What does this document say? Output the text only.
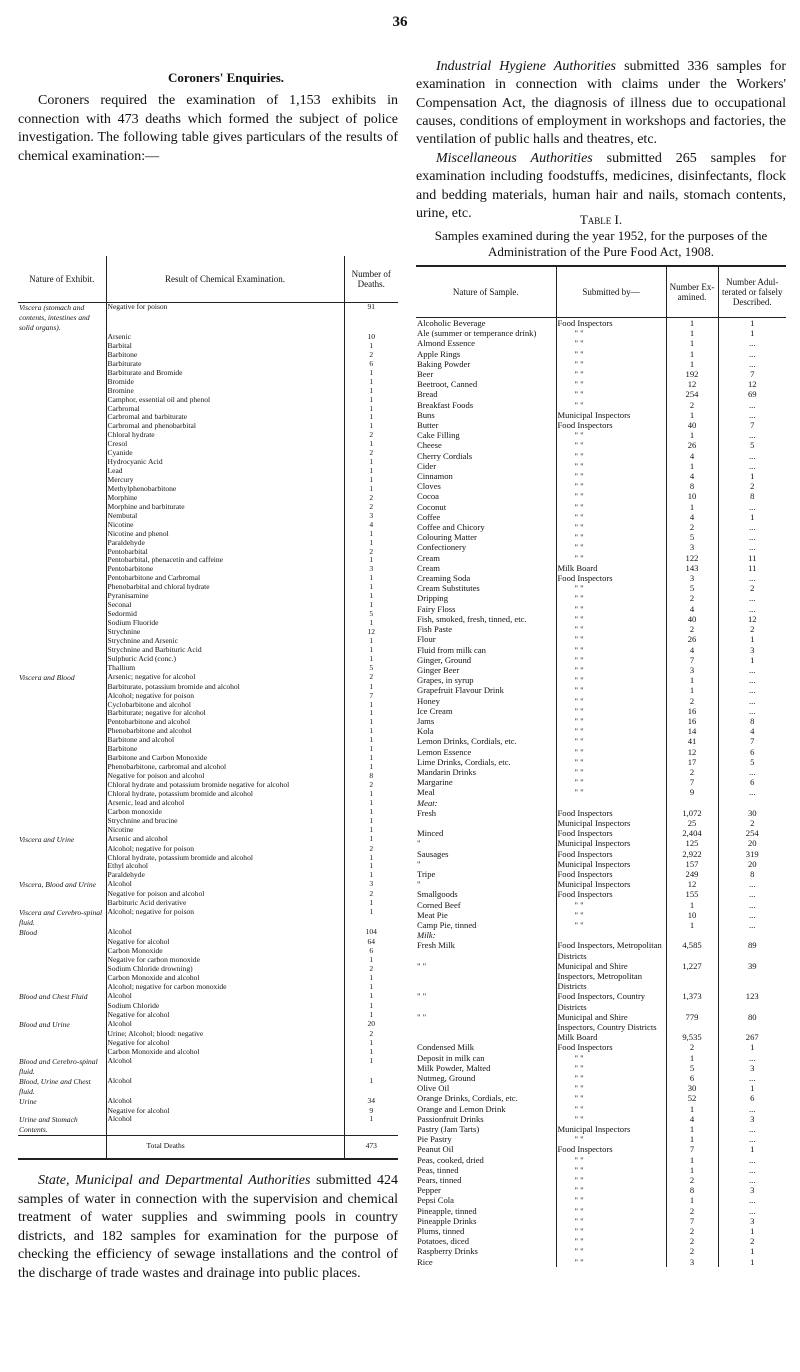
36
Coroners' Enquiries.

Coroners required the examination of 1,153 exhibits in connection with 473 deaths which formed the subject of police investigation. The following table gives particulars of the results of chemical examination:—

Nature of Exhibit.	Result of Chemical Examination.	Number of Deaths.
Viscera (stomach and contents, intestines and solid organs).	Negative for poison	91
	Arsenic	10
	Barbital	1
	Barbitone	2
	Barbiturate	6
	Barbiturate and Bromide	1
	Bromide	1
	Bromine	1
	Camphor, essential oil and phenol	1
	Carbromal	1
	Carbromal and barbiturate	1
	Carbromal and phenobarbital	1
	Chloral hydrate	2
	Cresol	1
	Cyanide	2
	Hydrocyanic Acid	1
	Lead	1
	Mercury	1
	Methylphenobarbitone	1
	Morphine	2
	Morphine and barbiturate	2
	Nembutal	3
	Nicotine	4
	Nicotine and phenol	1
	Paraldehyde	1
	Pentobarbital	2
	Pentobarbital, phenacetin and caffeine	1
	Pentobarbitone	3
	Pentobarbitone and Carbromal	1
	Phenobarbital and chloral hydrate	1
	Pyranisamine	1
	Seconal	1
	Sedormid	5
	Sodium Fluoride	1
	Strychnine	12
	Strychnine and Arsenic	1
	Strychnine and Barbituric Acid	1
	Sulphuric Acid (conc.)	1
	Thallium	5
Viscera and Blood	Arsenic; negative for alcohol	2
	Barbiturate, potassium bromide and alcohol	1
	Alcohol; negative for poison	7
	Cyclobarbitone and alcohol	1
	Barbiturate; negative for alcohol	1
	Pentobarbitone and alcohol	1
	Phenobarbitone and alcohol	1
	Barbitone and alcohol	1
	Barbitone	1
	Barbitone and Carbon Monoxide	1
	Phenobarbitone, carbromal and alcohol	1
	Negative for poison and alcohol	8
	Chloral hydrate and potassium bromide negative for alcohol	2
	Chloral hydrate, potassium bromide and alcohol	1
	Arsenic, lead and alcohol	1
	Carbon monoxide	1
	Strychnine and brucine	1
	Nicotine	1
Viscera and Urine	Arsenic and alcohol	1
	Alcohol; negative for poison	2
	Chloral hydrate, potassium bromide and alcohol	1
	Ethyl alcohol	1
	Paraldehyde	1
Viscera, Blood and Urine	Alcohol	3
	Negative for poison and alcohol	2
	Barbituric Acid derivative	1
Viscera and Cerebro-spinal fluid.	Alcohol; negative for poison	1
Blood	Alcohol	104
	Negative for alcohol	64
	Carbon Monoxide	6
	Negative for carbon monoxide	1
	Sodium Chloride drowning)	2
	Carbon Monoxide and alcohol	1
	Alcohol; negative for carbon monoxide	1
Blood and Chest Fluid	Alcohol	1
	Sodium Chloride	1
	Negative for alcohol	1
Blood and Urine	Alcohol	20
	Urine; Alcohol; blood: negative	2
	Negative for alcohol	1
	Carbon Monoxide and alcohol	1
Blood and Cerebro-spinal fluid.	Alcohol	1
Blood, Urine and Chest fluid.	Alcohol	1
Urine	Alcohol	34
	Negative for alcohol	9
Urine and Stomach Contents.	Alcohol	1
	Total Deaths	473

State, Municipal and Departmental Authorities submitted 424 samples of water in connection with the supervision and chemical treatment of water supplies and swimming pools in country districts, and 182 samples for examination for the purpose of checking the efficiency of sewage installations and the control of the discharge of trade wastes and drainage into public places.

Industrial Hygiene Authorities submitted 336 samples for examination in connection with claims under the Workers' Compensation Act, the diagnosis of illness due to occupational causes, conditions of employment in workshops and factories, the ventilation of public halls and theatres, etc.

Miscellaneous Authorities submitted 265 samples for examination including foodstuffs, medicines, disinfectants, flock and bedding materials, human hair and nails, stomach contents, urine, etc.	Table I.
Samples examined during the year 1952, for the purposes of the Administration of the Pure Food Act, 1908.
Nature of Sample.	Submitted by—	Number Ex-amined.	Number Adul-terated or falsely Described.
Alcoholic Beverage	Food Inspectors	1	1
Ale (summer or temperance drink)	" "	1	1
Almond Essence	" "	1	...
Apple Rings	" "	1	...
Baking Powder	" "	1	...
Beer	" "	192	7
Beetroot, Canned	" "	12	12
Bread	" "	254	69
Breakfast Foods	" "	2	...
Buns	Municipal Inspectors	1	...
Butter	Food Inspectors	40	7
Cake Filling	" "	1	...
Cheese	" "	26	5
Cherry Cordials	" "	4	...
Cider	" "	1	...
Cinnamon	" "	4	1
Cloves	" "	8	2
Cocoa	" "	10	8
Coconut	" "	1	...
Coffee	" "	4	1
Coffee and Chicory	" "	2	...
Colouring Matter	" "	5	...
Confectionery	" "	3	...
Cream	" "	122	11
Cream	Milk Board	143	11
Creaming Soda	Food Inspectors	3	...
Cream Substitutes	" "	5	2
Dripping	" "	2	...
Fairy Floss	" "	4	...
Fish, smoked, fresh, tinned, etc.	" "	40	12
Fish Paste	" "	2	2
Flour	" "	26	1
Fluid from milk can	" "	4	3
Ginger, Ground	" "	7	1
Ginger Beer	" "	3	...
Grapes, in syrup	" "	1	...
Grapefruit Flavour Drink	" "	1	...
Honey	" "	2	...
Ice Cream	" "	16	...
Jams	" "	16	8
Kola	" "	14	4
Lemon Drinks, Cordials, etc.	" "	41	7
Lemon Essence	" "	12	6
Lime Drinks, Cordials, etc.	" "	17	5
Mandarin Drinks	" "	2	...
Margarine	" "	7	6
Meal	" "	9	...
Meat:			
Fresh	Food Inspectors	1,072	30
	Municipal Inspectors	25	2
Minced	Food Inspectors	2,404	254
"	Municipal Inspectors	125	20
Sausages	Food Inspectors	2,922	319
"	Municipal Inspectors	157	20
Tripe	Food Inspectors	249	8
"	Municipal Inspectors	12	...
Smallgoods	Food Inspectors	155	...
Corned Beef	" "	1	...
Meat Pie	" "	10	...
Camp Pie, tinned	" "	1	...
Milk:			
Fresh Milk	Food Inspectors, Metropolitan Districts	4,585	89
" "	Municipal and Shire Inspectors, Metropolitan Districts	1,227	39
" "	Food Inspectors, Country Districts	1,373	123
" "	Municipal and Shire Inspectors, Country Districts	779	80
	Milk Board	9,535	267
Condensed Milk	Food Inspectors	2	1
Deposit in milk can	" "	1	...
Milk Powder, Malted	" "	5	3
Nutmeg, Ground	" "	6	...
Olive Oil	" "	30	1
Orange Drinks, Cordials, etc.	" "	52	6
Orange and Lemon Drink	" "	1	...
Passionfruit Drinks	" "	4	3
Pastry (Jam Tarts)	Municipal Inspectors	1	...
Pie Pastry	" "	1	...
Peanut Oil	Food Inspectors	7	1
Peas, cooked, dried	" "	1	...
Peas, tinned	" "	1	...
Pears, tinned	" "	2	...
Pepper	" "	8	3
Pepsi Cola	" "	1	...
Pineapple, tinned	" "	2	...
Pineapple Drinks	" "	7	3
Plums, tinned	" "	2	1
Potatoes, diced	" "	2	2
Raspberry Drinks	" "	2	1
Rice	" "	3	1
